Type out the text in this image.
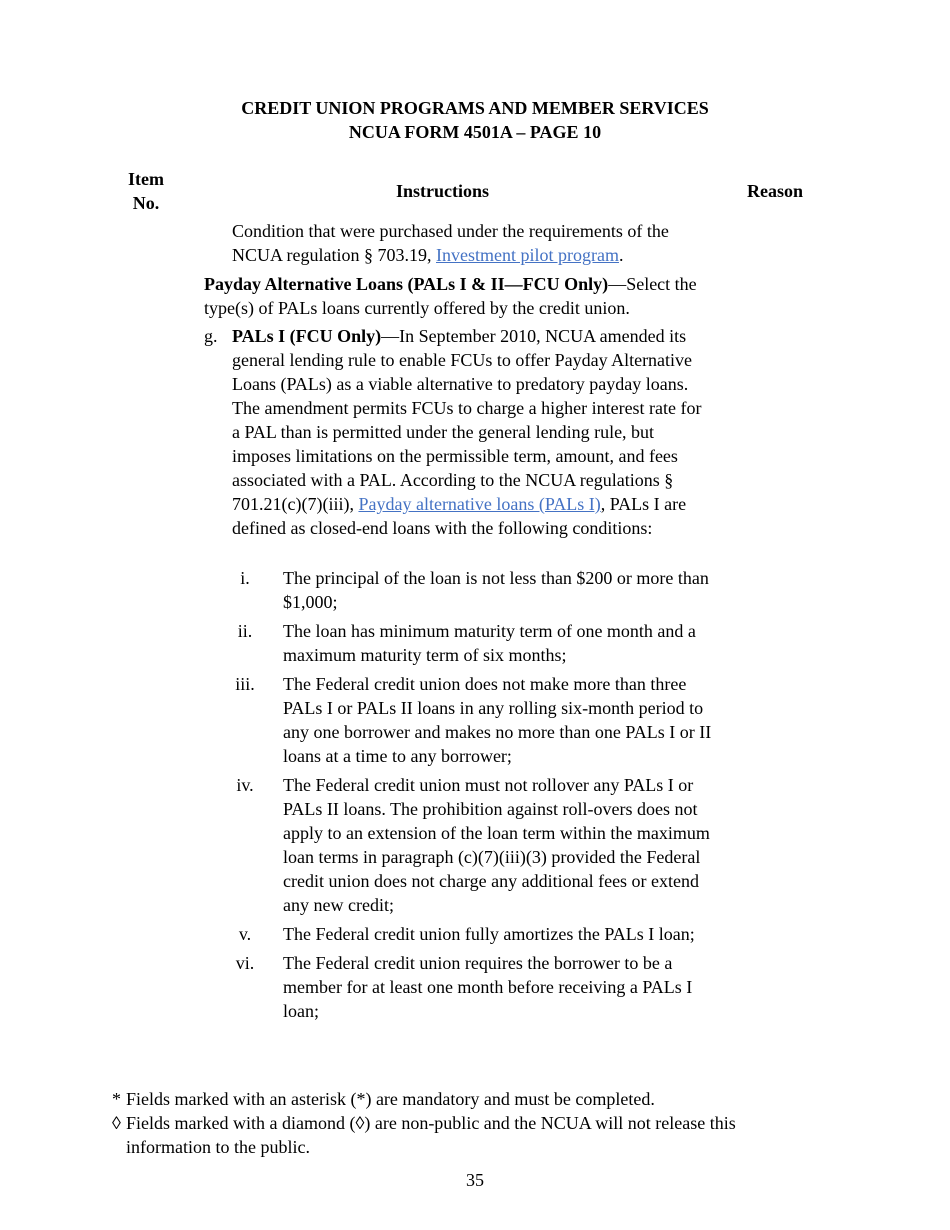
CREDIT UNION PROGRAMS AND MEMBER SERVICES
NCUA FORM 4501A – PAGE 10
Item
No.
Instructions	Reason
Condition that were purchased under the requirements of the NCUA regulation § 703.19, Investment pilot program.
Payday Alternative Loans (PALs I & II—FCU Only)—Select the type(s) of PALs loans currently offered by the credit union.
g. PALs I (FCU Only)—In September 2010, NCUA amended its general lending rule to enable FCUs to offer Payday Alternative Loans (PALs) as a viable alternative to predatory payday loans. The amendment permits FCUs to charge a higher interest rate for a PAL than is permitted under the general lending rule, but imposes limitations on the permissible term, amount, and fees associated with a PAL. According to the NCUA regulations § 701.21(c)(7)(iii), Payday alternative loans (PALs I), PALs I are defined as closed-end loans with the following conditions:
i.	The principal of the loan is not less than $200 or more than $1,000;
ii.	The loan has minimum maturity term of one month and a maximum maturity term of six months;
iii. The Federal credit union does not make more than three PALs I or PALs II loans in any rolling six-month period to any one borrower and makes no more than one PALs I or II loans at a time to any borrower;
iv. The Federal credit union must not rollover any PALs I or PALs II loans. The prohibition against roll-overs does not apply to an extension of the loan term within the maximum loan terms in paragraph (c)(7)(iii)(3) provided the Federal credit union does not charge any additional fees or extend any new credit;
v.	The Federal credit union fully amortizes the PALs I loan;
vi. The Federal credit union requires the borrower to be a member for at least one month before receiving a PALs I loan;
* Fields marked with an asterisk (*) are mandatory and must be completed.
◊ Fields marked with a diamond (◊) are non-public and the NCUA will not release this information to the public.
35
